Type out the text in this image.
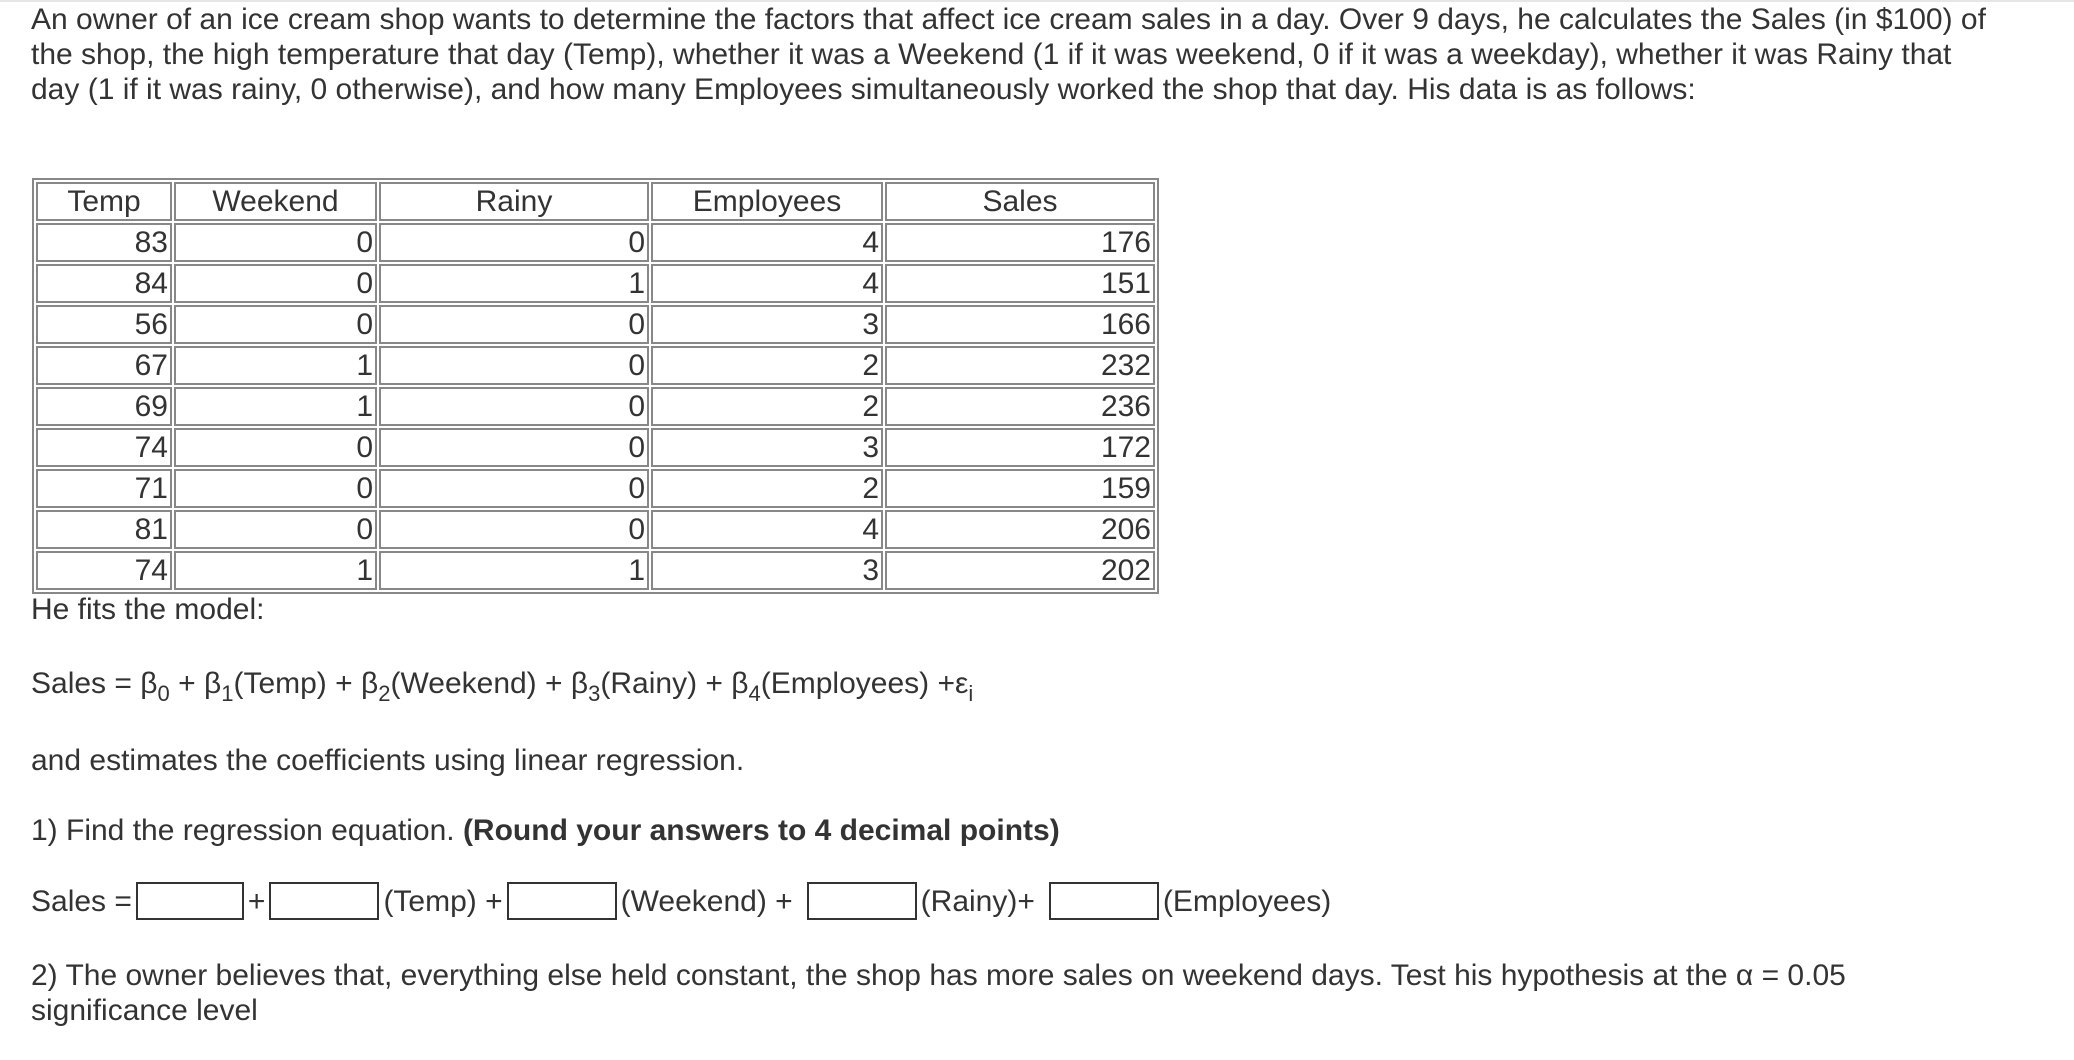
An owner of an ice cream shop wants to determine the factors that affect ice cream sales in a day. Over 9 days, he calculates the Sales (in $100) of the shop, the high temperature that day (Temp), whether it was a Weekend (1 if it was weekend, 0 if it was a weekday), whether it was Rainy that day (1 if it was rainy, 0 otherwise), and how many Employees simultaneously worked the shop that day. His data is as follows:

Temp	Weekend	Rainy	Employees	Sales
83	0	0	4	176
84	0	1	4	151
56	0	0	3	166
67	1	0	2	232
69	1	0	2	236
74	0	0	3	172
71	0	0	2	159
81	0	0	4	206
74	1	1	3	202
He fits the model:
Sales = $\beta_0$ + $\beta_1(Temp)$ + $\beta_2(Weekend)$ + $\beta_3(Rainy)$ + $\beta_4(Employees) +\varepsilon_i$
and estimates the coefficients using linear regression.
1) Find the regression equation. (Round your answers to 4 decimal points)
Sales =	+	(Temp) +	(Weekend) +	(Rainy)+	(Employees)

2) The owner believes that, everything else held constant, the shop has more sales on weekend days. Test his hypothesis at the α = 0.05 significance level
